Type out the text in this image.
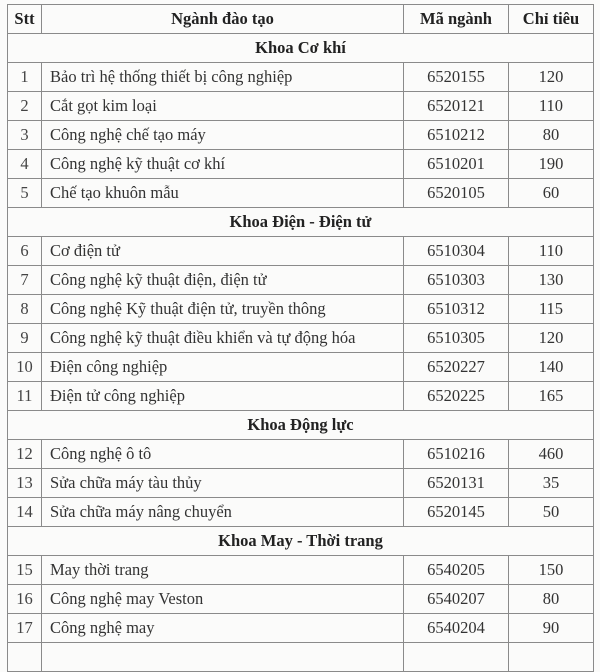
Stt	Ngành đào tạo	Mã ngành	Chỉ tiêu
Khoa Cơ khí			
1	Bảo trì hệ thống thiết bị công nghiệp	6520155	120
2	Cắt gọt kim loại	6520121	110
3	Công nghệ chế tạo máy	6510212	80
4	Công nghệ kỹ thuật cơ khí	6510201	190
5	Chế tạo khuôn mẫu	6520105	60
Khoa Điện - Điện tử			
6	Cơ điện tử	6510304	110
7	Công nghệ kỹ thuật điện, điện tử	6510303	130
8	Công nghệ Kỹ thuật điện tử, truyền thông	6510312	115
9	Công nghệ kỹ thuật điều khiển và tự động hóa	6510305	120
10	Điện công nghiệp	6520227	140
11	Điện tử công nghiệp	6520225	165
Khoa Động lực			
12	Công nghệ ô tô	6510216	460
13	Sửa chữa máy tàu thủy	6520131	35
14	Sửa chữa máy nâng chuyển	6520145	50
Khoa May - Thời trang			
15	May thời trang	6540205	150
16	Công nghệ may Veston	6540207	80
17	Công nghệ may	6540204	90
